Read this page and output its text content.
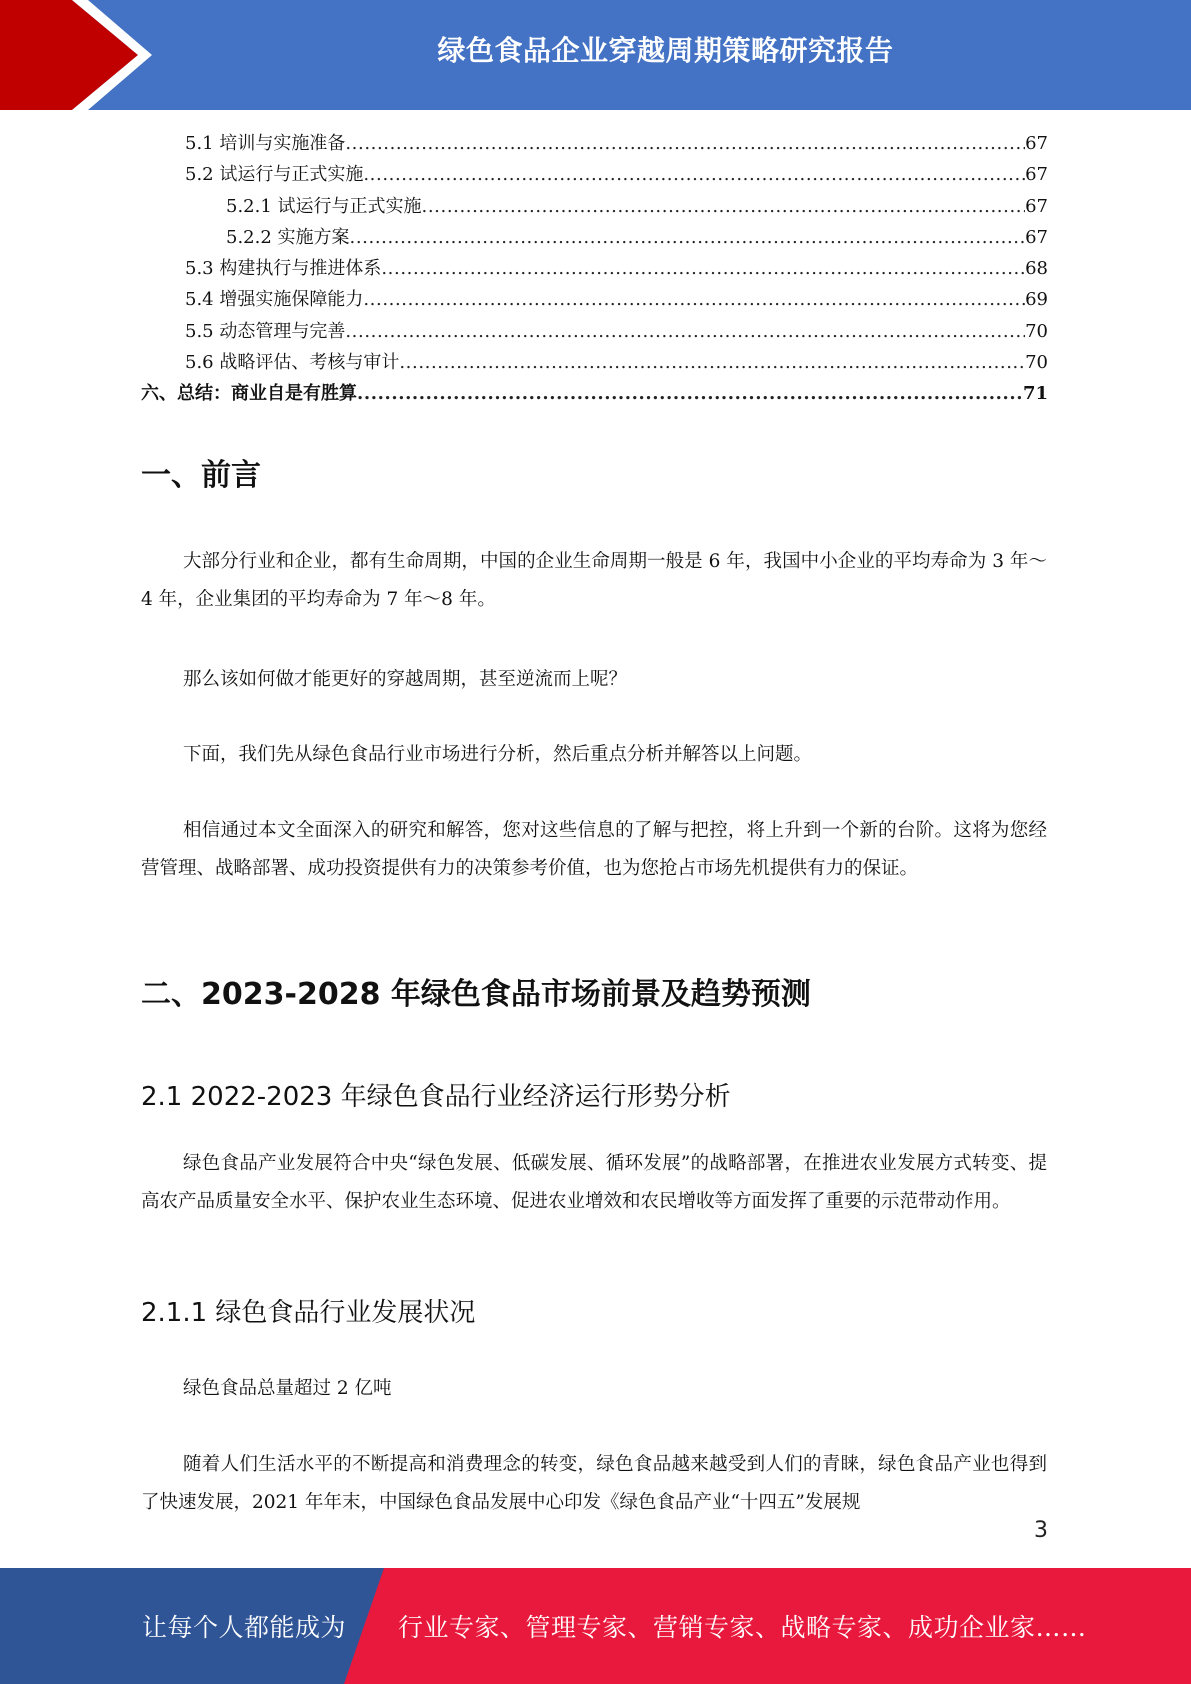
绿色食品企业穿越周期策略研究报告
5.1 培训与实施准备 .....	67
5.2 试运行与正式实施 .....	67
5.2.1 试运行与正式实施 .....	67
5.2.2 实施方案 .....	67
5.3 构建执行与推进体系 .....	68
5.4 增强实施保障能力 .....	69
5.5 动态管理与完善 .....	70
5.6 战略评估、考核与审计 .....	70
六、总结：商业自是有胜算 .....	71
一、前言

大部分行业和企业，都有生命周期，中国的企业生命周期一般是 6 年，我国中小企业的平均寿命为 3 年～4 年，企业集团的平均寿命为 7 年～8 年。

那么该如何做才能更好的穿越周期，甚至逆流而上呢？

下面，我们先从绿色食品行业市场进行分析，然后重点分析并解答以上问题。

相信通过本文全面深入的研究和解答，您对这些信息的了解与把控，将上升到一个新的台阶。这将为您经营管理、战略部署、成功投资提供有力的决策参考价值，也为您抢占市场先机提供有力的保证。

二、2023-2028 年绿色食品市场前景及趋势预测
2.1 2022-2023 年绿色食品行业经济运行形势分析

绿色食品产业发展符合中央“绿色发展、低碳发展、循环发展”的战略部署，在推进农业发展方式转变、提高农产品质量安全水平、保护农业生态环境、促进农业增效和农民增收等方面发挥了重要的示范带动作用。

2.1.1 绿色食品行业发展状况

绿色食品总量超过 2 亿吨

随着人们生活水平的不断提高和消费理念的转变，绿色食品越来越受到人们的青睐，绿色食品产业也得到了快速发展，2021 年年末，中国绿色食品发展中心印发《绿色食品产业“十四五”发展规

3
让每个人都能成为 行业专家、管理专家、营销专家、战略专家、成功企业家……
